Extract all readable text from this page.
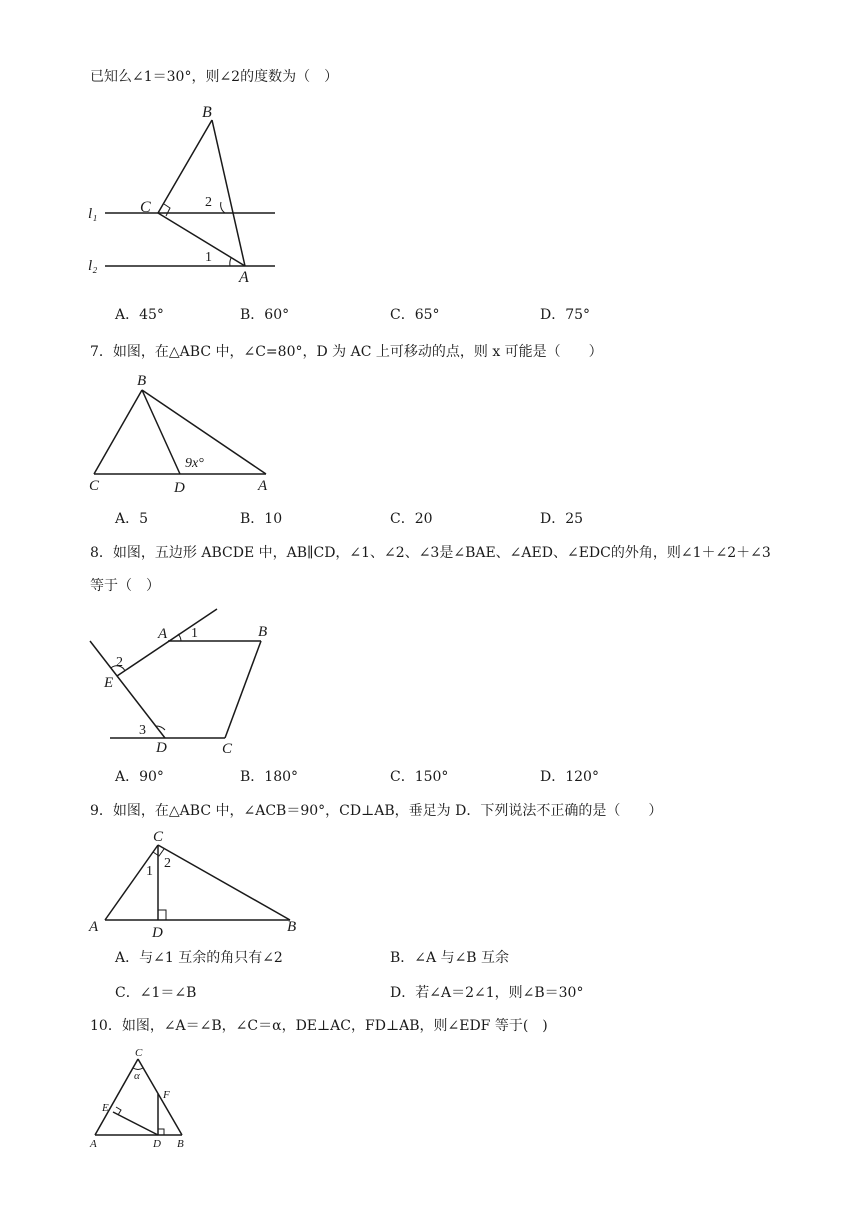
已知么∠1＝30°，则∠2的度数为（　）
B
C
A
l₁
l₂
1
2
A．45°	B．60°	C．65°	D．75°
7．如图，在△ABC 中，∠C=80°，D 为 AC 上可移动的点，则 x 可能是（　　）
B
C	D	A
9x°
A．5	B．10	C．20	D．25
8．如图，五边形 ABCDE 中，AB∥CD，∠1、∠2、∠3是∠BAE、∠AED、∠EDC的外角，则∠1＋∠2＋∠3
等于（　）
A	B
E
D	C
1
2
3
A．90°	B．180°	C．150°	D．120°
9．如图，在△ABC 中，∠ACB＝90°，CD⊥AB，垂足为 D．下列说法不正确的是（　　）
C
A	D	B
1
2
A．与∠1 互余的角只有∠2	B．∠A 与∠B 互余
C．∠1＝∠B	D．若∠A＝2∠1，则∠B＝30°
10．如图，∠A＝∠B，∠C＝α，DE⊥AC，FD⊥AB，则∠EDF 等于(　)
C
α
E
F
A	D B
